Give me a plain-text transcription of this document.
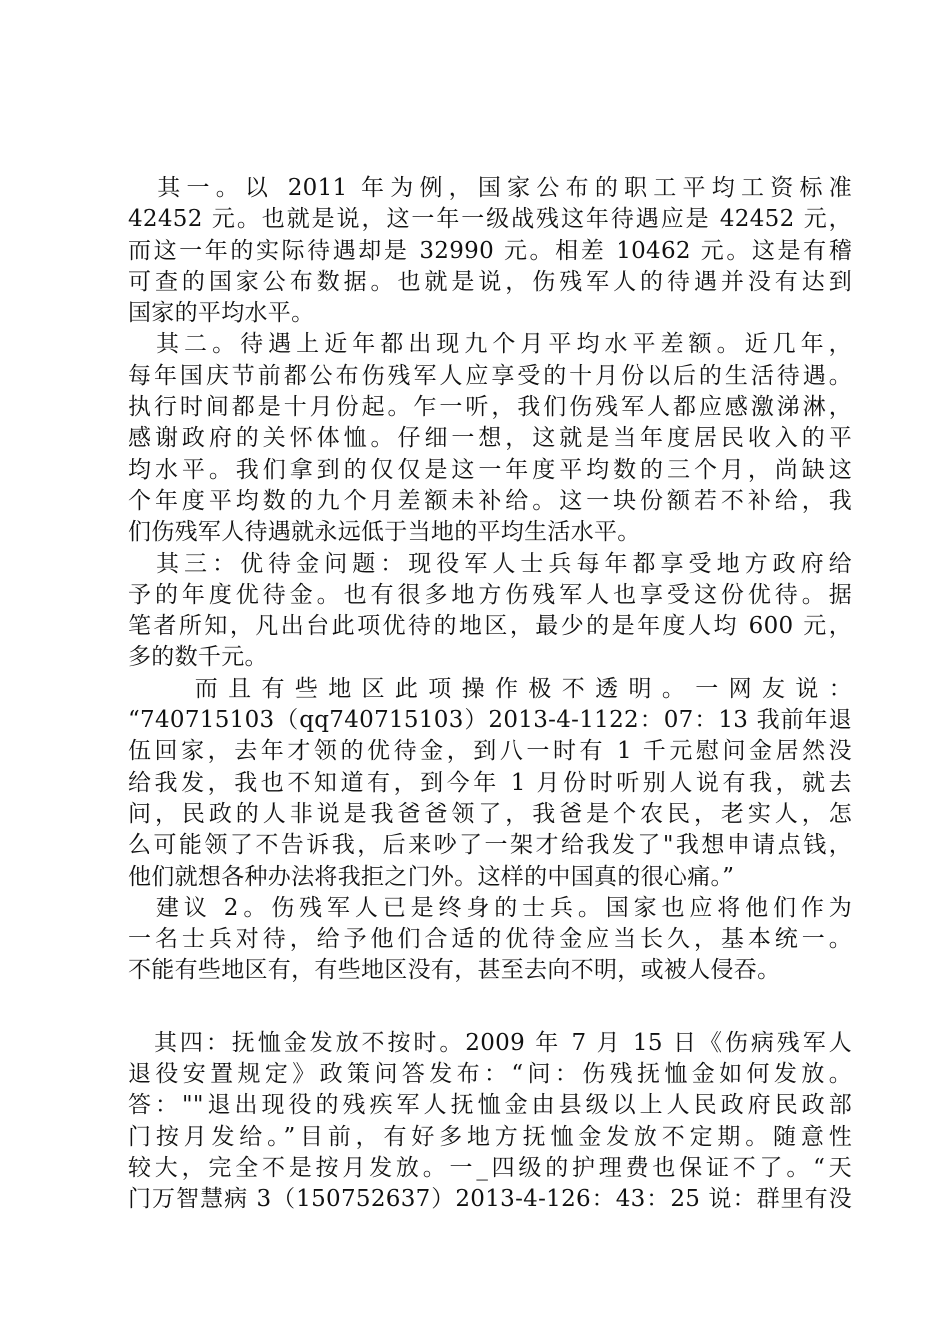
　其一。以 2011 年为例，国家公布的职工平均工资标准
42452 元。也就是说，这一年一级战残这年待遇应是 42452 元，
而这一年的实际待遇却是 32990 元。相差 10462 元。这是有稽
可查的国家公布数据。也就是说，伤残军人的待遇并没有达到
国家的平均水平。
　其二。待遇上近年都出现九个月平均水平差额。近几年，
每年国庆节前都公布伤残军人应享受的十月份以后的生活待遇。
执行时间都是十月份起。乍一听，我们伤残军人都应感激涕淋，
感谢政府的关怀体恤。仔细一想，这就是当年度居民收入的平
均水平。我们拿到的仅仅是这一年度平均数的三个月，尚缺这
个年度平均数的九个月差额未补给。这一块份额若不补给，我
们伤残军人待遇就永远低于当地的平均生活水平。
　其三：优待金问题：现役军人士兵每年都享受地方政府给
予的年度优待金。也有很多地方伤残军人也享受这份优待。据
笔者所知，凡出台此项优待的地区，最少的是年度人均 600 元，
多的数千元。
　　而且有些地区此项操作极不透明。一网友说：
“740715103（qq740715103）2013-4-1122：07：13 我前年退
伍回家，去年才领的优待金，到八一时有 1 千元慰问金居然没
给我发，我也不知道有，到今年 1 月份时听别人说有我，就去
问，民政的人非说是我爸爸领了，我爸是个农民，老实人，怎
么可能领了不告诉我，后来吵了一架才给我发了"我想申请点钱，
他们就想各种办法将我拒之门外。这样的中国真的很心痛。”
　建议 2。伤残军人已是终身的士兵。国家也应将他们作为
一名士兵对待，给予他们合适的优待金应当长久，基本统一。
不能有些地区有，有些地区没有，甚至去向不明，或被人侵吞。
　其四：抚恤金发放不按时。2009 年 7 月 15 日《伤病残军人
退役安置规定》政策问答发布：“问：伤残抚恤金如何发放。
答：""退出现役的残疾军人抚恤金由县级以上人民政府民政部
门按月发给。”目前，有好多地方抚恤金发放不定期。随意性
较大，完全不是按月发放。一_四级的护理费也保证不了。“天
门万智慧病 3（150752637）2013-4-126：43：25 说：群里有没
